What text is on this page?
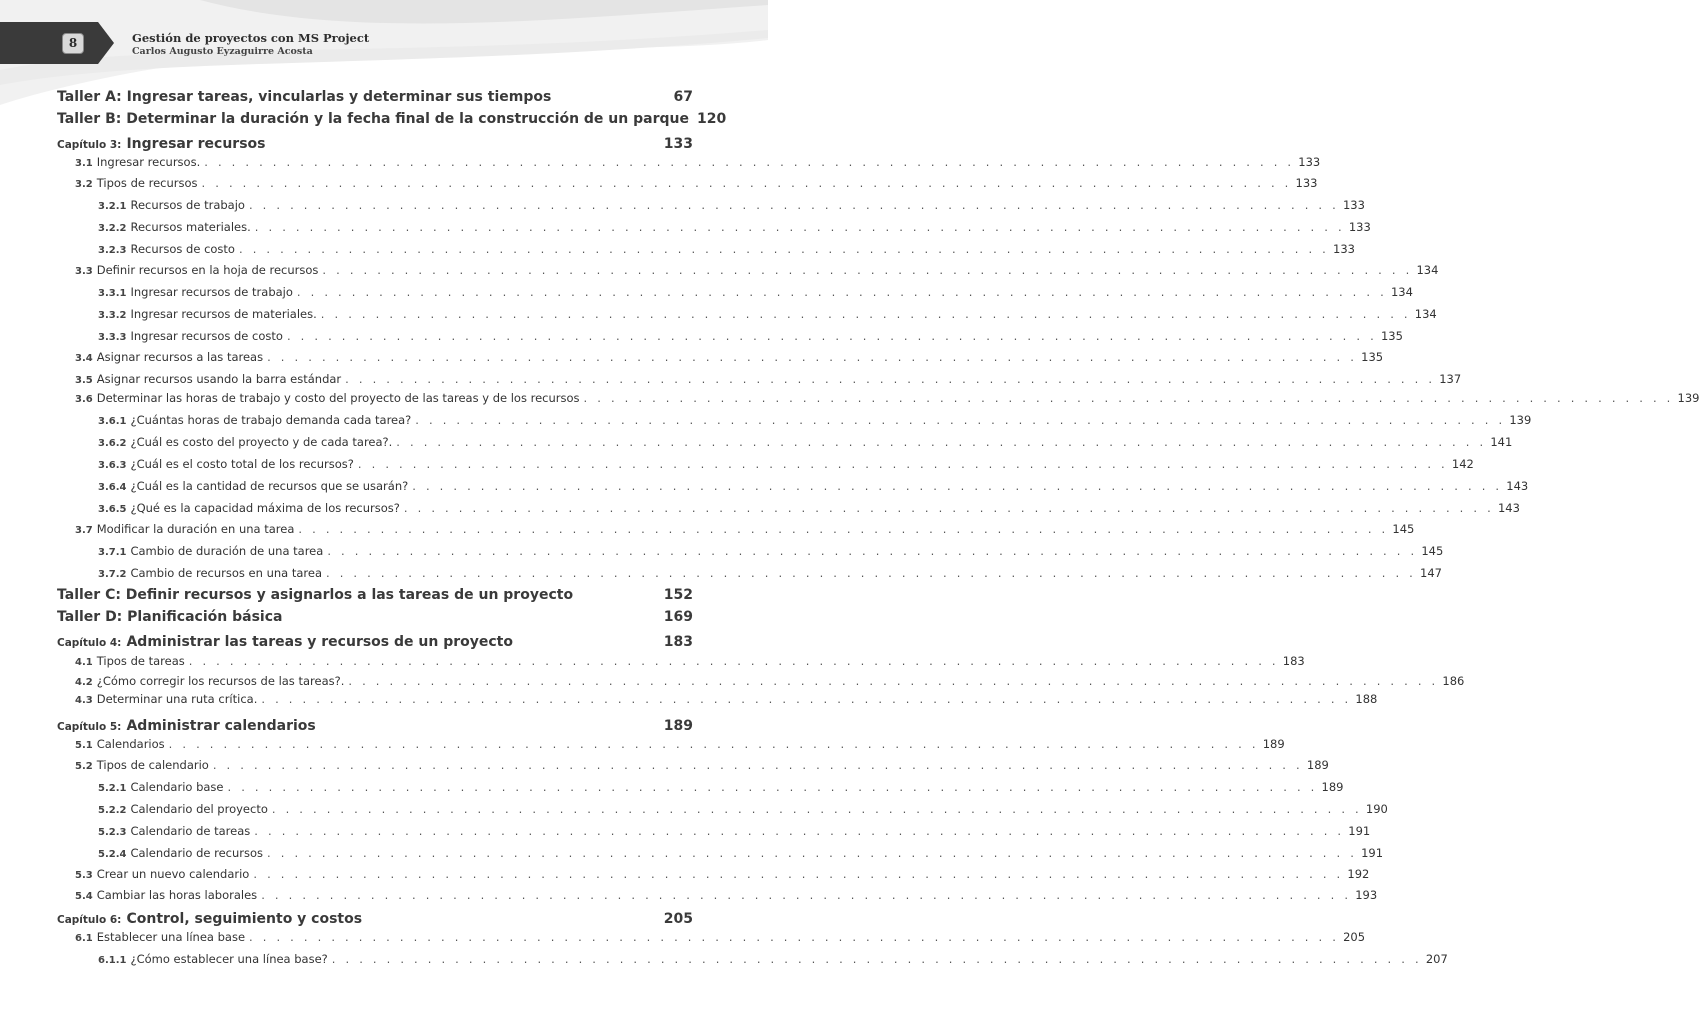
8	Gestión de proyectos con MS Project
Carlos Augusto Eyzaguirre Acosta
Taller A: Ingresar tareas, vincularlas y determinar sus tiempos	67
Taller B: Determinar la duración y la fecha final de la construcción de un parque 120
Capítulo 3: Ingresar recursos	133
3.1 Ingresar recursos. . . . . . . . . . . . . . . . . . . . . . . . . . . . . . . . . . . . . . . . . . . . . . . . . . . . . . . . . . . . . . . . . . . . . . . . . . . . . . . . . 133
3.2 Tipos de recursos . . . . . . . . . . . . . . . . . . . . . . . . . . . . . . . . . . . . . . . . . . . . . . . . . . . . . . . . . . . . . . . . . . . . . . . . . . . . . . . . 133
3.2.1 Recursos de trabajo . . . . . . . . . . . . . . . . . . . . . . . . . . . . . . . . . . . . . . . . . . . . . . . . . . . . . . . . . . . . . . . . . . . . . . . . . . . . . . . . 133
3.2.2 Recursos materiales. . . . . . . . . . . . . . . . . . . . . . . . . . . . . . . . . . . . . . . . . . . . . . . . . . . . . . . . . . . . . . . . . . . . . . . . . . . . . . . . . 133
3.2.3 Recursos de costo . . . . . . . . . . . . . . . . . . . . . . . . . . . . . . . . . . . . . . . . . . . . . . . . . . . . . . . . . . . . . . . . . . . . . . . . . . . . . . . . 133
3.3 Definir recursos en la hoja de recursos . . . . . . . . . . . . . . . . . . . . . . . . . . . . . . . . . . . . . . . . . . . . . . . . . . . . . . . . . . . . . . . . . . . . . . . . . . . . . . . . 134
3.3.1 Ingresar recursos de trabajo . . . . . . . . . . . . . . . . . . . . . . . . . . . . . . . . . . . . . . . . . . . . . . . . . . . . . . . . . . . . . . . . . . . . . . . . . . . . . . . . 134
3.3.2 Ingresar recursos de materiales. . . . . . . . . . . . . . . . . . . . . . . . . . . . . . . . . . . . . . . . . . . . . . . . . . . . . . . . . . . . . . . . . . . . . . . . . . . . . . . . . 134
3.3.3 Ingresar recursos de costo . . . . . . . . . . . . . . . . . . . . . . . . . . . . . . . . . . . . . . . . . . . . . . . . . . . . . . . . . . . . . . . . . . . . . . . . . . . . . . . . 135
3.4 Asignar recursos a las tareas . . . . . . . . . . . . . . . . . . . . . . . . . . . . . . . . . . . . . . . . . . . . . . . . . . . . . . . . . . . . . . . . . . . . . . . . . . . . . . . . 135
3.5 Asignar recursos usando la barra estándar . . . . . . . . . . . . . . . . . . . . . . . . . . . . . . . . . . . . . . . . . . . . . . . . . . . . . . . . . . . . . . . . . . . . . . . . . . . . . . . . 137
3.6 Determinar las horas de trabajo y costo del proyecto de las tareas y de los recursos . . . . . . . . . . . . . . . . . . . . . . . . . . . . . . . . . . . . . . . . . . . . . . . . . . . . . . . . . . . . . . . . . . . . . . . . . . . . . . . . 139
3.6.1 ¿Cuántas horas de trabajo demanda cada tarea? . . . . . . . . . . . . . . . . . . . . . . . . . . . . . . . . . . . . . . . . . . . . . . . . . . . . . . . . . . . . . . . . . . . . . . . . . . . . . . . . 139
3.6.2 ¿Cuál es costo del proyecto y de cada tarea?. . . . . . . . . . . . . . . . . . . . . . . . . . . . . . . . . . . . . . . . . . . . . . . . . . . . . . . . . . . . . . . . . . . . . . . . . . . . . . . . . 141
3.6.3 ¿Cuál es el costo total de los recursos? . . . . . . . . . . . . . . . . . . . . . . . . . . . . . . . . . . . . . . . . . . . . . . . . . . . . . . . . . . . . . . . . . . . . . . . . . . . . . . . . 142
3.6.4 ¿Cuál es la cantidad de recursos que se usarán? . . . . . . . . . . . . . . . . . . . . . . . . . . . . . . . . . . . . . . . . . . . . . . . . . . . . . . . . . . . . . . . . . . . . . . . . . . . . . . . . 143
3.6.5 ¿Qué es la capacidad máxima de los recursos? . . . . . . . . . . . . . . . . . . . . . . . . . . . . . . . . . . . . . . . . . . . . . . . . . . . . . . . . . . . . . . . . . . . . . . . . . . . . . . . . 143
3.7 Modificar la duración en una tarea . . . . . . . . . . . . . . . . . . . . . . . . . . . . . . . . . . . . . . . . . . . . . . . . . . . . . . . . . . . . . . . . . . . . . . . . . . . . . . . . 145
3.7.1 Cambio de duración de una tarea . . . . . . . . . . . . . . . . . . . . . . . . . . . . . . . . . . . . . . . . . . . . . . . . . . . . . . . . . . . . . . . . . . . . . . . . . . . . . . . . 145
3.7.2 Cambio de recursos en una tarea . . . . . . . . . . . . . . . . . . . . . . . . . . . . . . . . . . . . . . . . . . . . . . . . . . . . . . . . . . . . . . . . . . . . . . . . . . . . . . . . 147
Taller C: Definir recursos y asignarlos a las tareas de un proyecto	152
Taller D: Planificación básica	169
Capítulo 4: Administrar las tareas y recursos de un proyecto	183
4.1 Tipos de tareas . . . . . . . . . . . . . . . . . . . . . . . . . . . . . . . . . . . . . . . . . . . . . . . . . . . . . . . . . . . . . . . . . . . . . . . . . . . . . . . . 183
4.2 ¿Cómo corregir los recursos de las tareas?. . . . . . . . . . . . . . . . . . . . . . . . . . . . . . . . . . . . . . . . . . . . . . . . . . . . . . . . . . . . . . . . . . . . . . . . . . . . . . . . . 186
4.3 Determinar una ruta crítica. . . . . . . . . . . . . . . . . . . . . . . . . . . . . . . . . . . . . . . . . . . . . . . . . . . . . . . . . . . . . . . . . . . . . . . . . . . . . . . . . 188
Capítulo 5: Administrar calendarios	189
5.1 Calendarios . . . . . . . . . . . . . . . . . . . . . . . . . . . . . . . . . . . . . . . . . . . . . . . . . . . . . . . . . . . . . . . . . . . . . . . . . . . . . . . . 189
5.2 Tipos de calendario . . . . . . . . . . . . . . . . . . . . . . . . . . . . . . . . . . . . . . . . . . . . . . . . . . . . . . . . . . . . . . . . . . . . . . . . . . . . . . . . 189
5.2.1 Calendario base . . . . . . . . . . . . . . . . . . . . . . . . . . . . . . . . . . . . . . . . . . . . . . . . . . . . . . . . . . . . . . . . . . . . . . . . . . . . . . . . 189
5.2.2 Calendario del proyecto . . . . . . . . . . . . . . . . . . . . . . . . . . . . . . . . . . . . . . . . . . . . . . . . . . . . . . . . . . . . . . . . . . . . . . . . . . . . . . . . 190
5.2.3 Calendario de tareas . . . . . . . . . . . . . . . . . . . . . . . . . . . . . . . . . . . . . . . . . . . . . . . . . . . . . . . . . . . . . . . . . . . . . . . . . . . . . . . . 191
5.2.4 Calendario de recursos . . . . . . . . . . . . . . . . . . . . . . . . . . . . . . . . . . . . . . . . . . . . . . . . . . . . . . . . . . . . . . . . . . . . . . . . . . . . . . . . 191
5.3 Crear un nuevo calendario . . . . . . . . . . . . . . . . . . . . . . . . . . . . . . . . . . . . . . . . . . . . . . . . . . . . . . . . . . . . . . . . . . . . . . . . . . . . . . . . 192
5.4 Cambiar las horas laborales . . . . . . . . . . . . . . . . . . . . . . . . . . . . . . . . . . . . . . . . . . . . . . . . . . . . . . . . . . . . . . . . . . . . . . . . . . . . . . . . 193
Capítulo 6: Control, seguimiento y costos	205
6.1 Establecer una línea base . . . . . . . . . . . . . . . . . . . . . . . . . . . . . . . . . . . . . . . . . . . . . . . . . . . . . . . . . . . . . . . . . . . . . . . . . . . . . . . . 205
6.1.1 ¿Cómo establecer una línea base? . . . . . . . . . . . . . . . . . . . . . . . . . . . . . . . . . . . . . . . . . . . . . . . . . . . . . . . . . . . . . . . . . . . . . . . . . . . . . . . . 207
